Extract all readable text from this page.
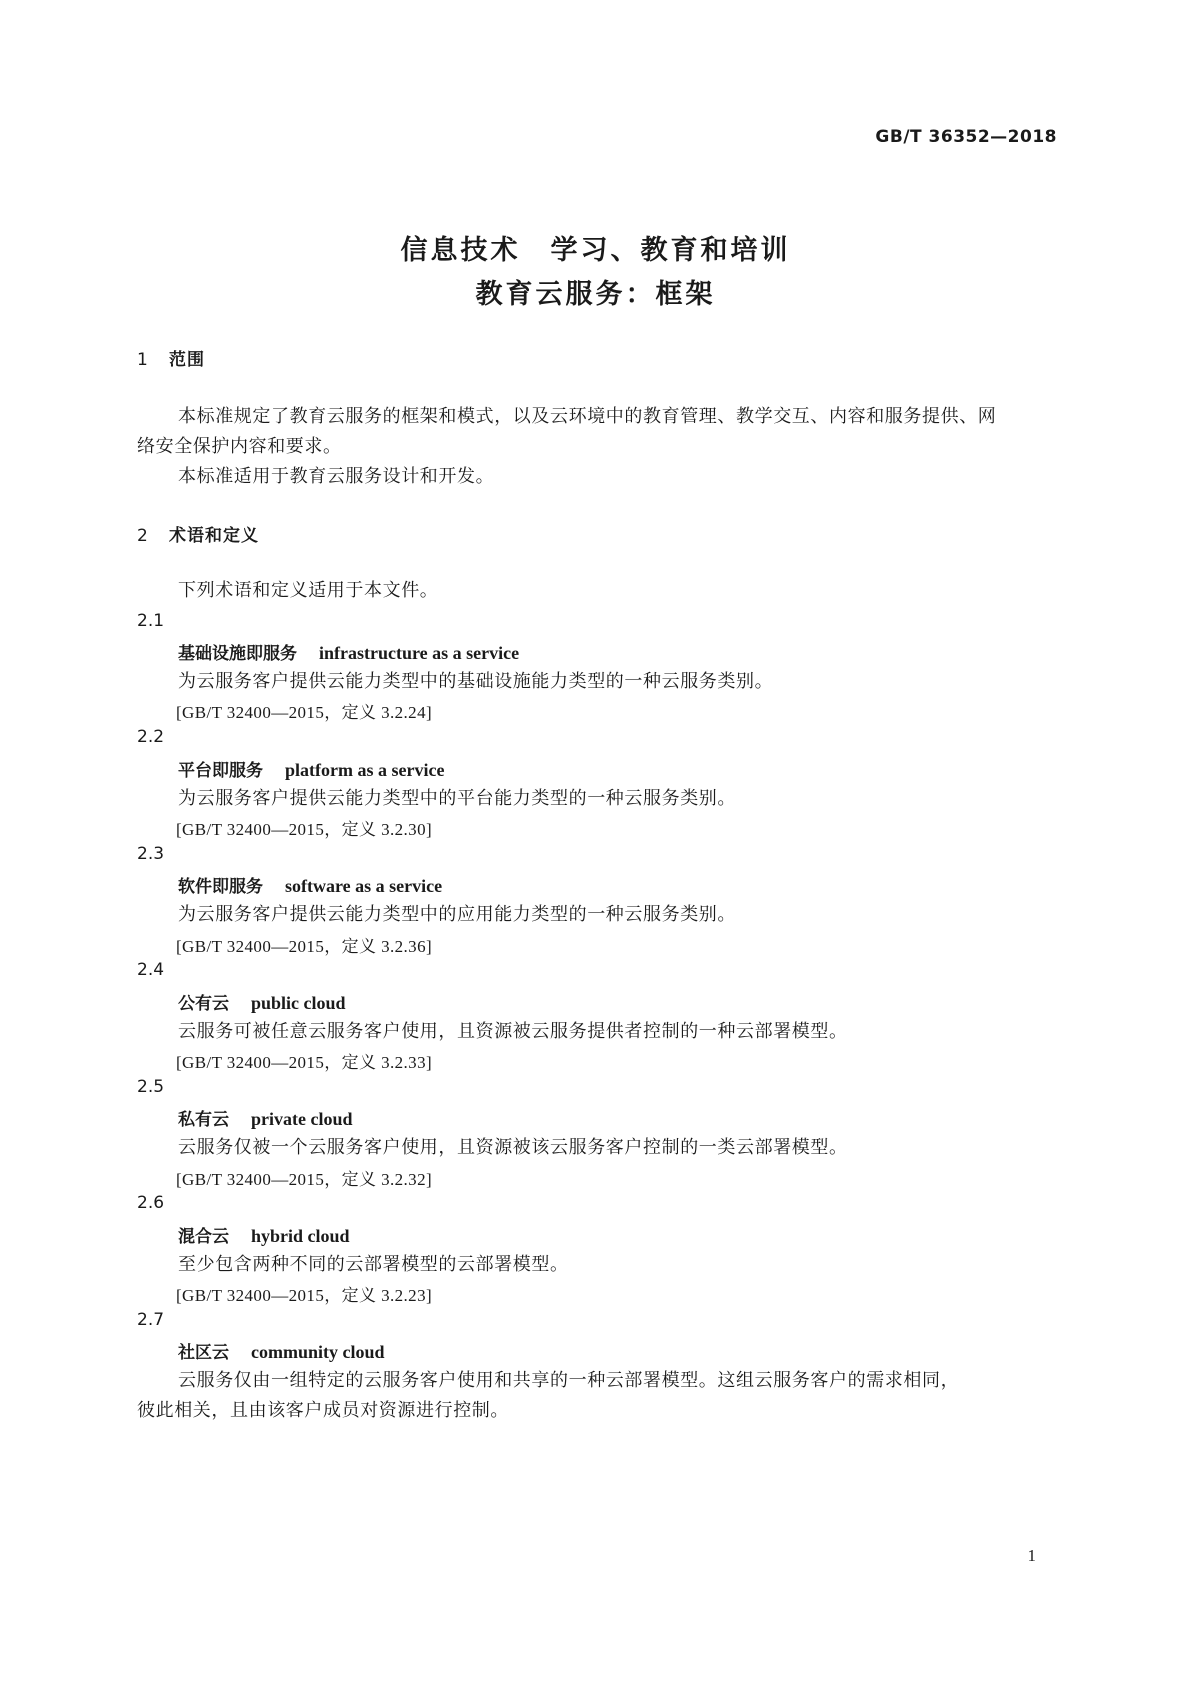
GB/T 36352—2018
信息技术　学习、教育和培训
教育云服务：框架
1 范围
本标准规定了教育云服务的框架和模式，以及云环境中的教育管理、教学交互、内容和服务提供、网
络安全保护内容和要求。
本标准适用于教育云服务设计和开发。
2 术语和定义
下列术语和定义适用于本文件。
2.1
基础设施即服务 infrastructure as a service
为云服务客户提供云能力类型中的基础设施能力类型的一种云服务类别。
[GB/T 32400—2015，定义 3.2.24]
2.2
平台即服务 platform as a service
为云服务客户提供云能力类型中的平台能力类型的一种云服务类别。
[GB/T 32400—2015，定义 3.2.30]
2.3
软件即服务 software as a service
为云服务客户提供云能力类型中的应用能力类型的一种云服务类别。
[GB/T 32400—2015，定义 3.2.36]
2.4
公有云 public cloud
云服务可被任意云服务客户使用，且资源被云服务提供者控制的一种云部署模型。
[GB/T 32400—2015，定义 3.2.33]
2.5
私有云 private cloud
云服务仅被一个云服务客户使用，且资源被该云服务客户控制的一类云部署模型。
[GB/T 32400—2015，定义 3.2.32]
2.6
混合云 hybrid cloud
至少包含两种不同的云部署模型的云部署模型。
[GB/T 32400—2015，定义 3.2.23]
2.7
社区云 community cloud
云服务仅由一组特定的云服务客户使用和共享的一种云部署模型。这组云服务客户的需求相同，
彼此相关，且由该客户成员对资源进行控制。
1
